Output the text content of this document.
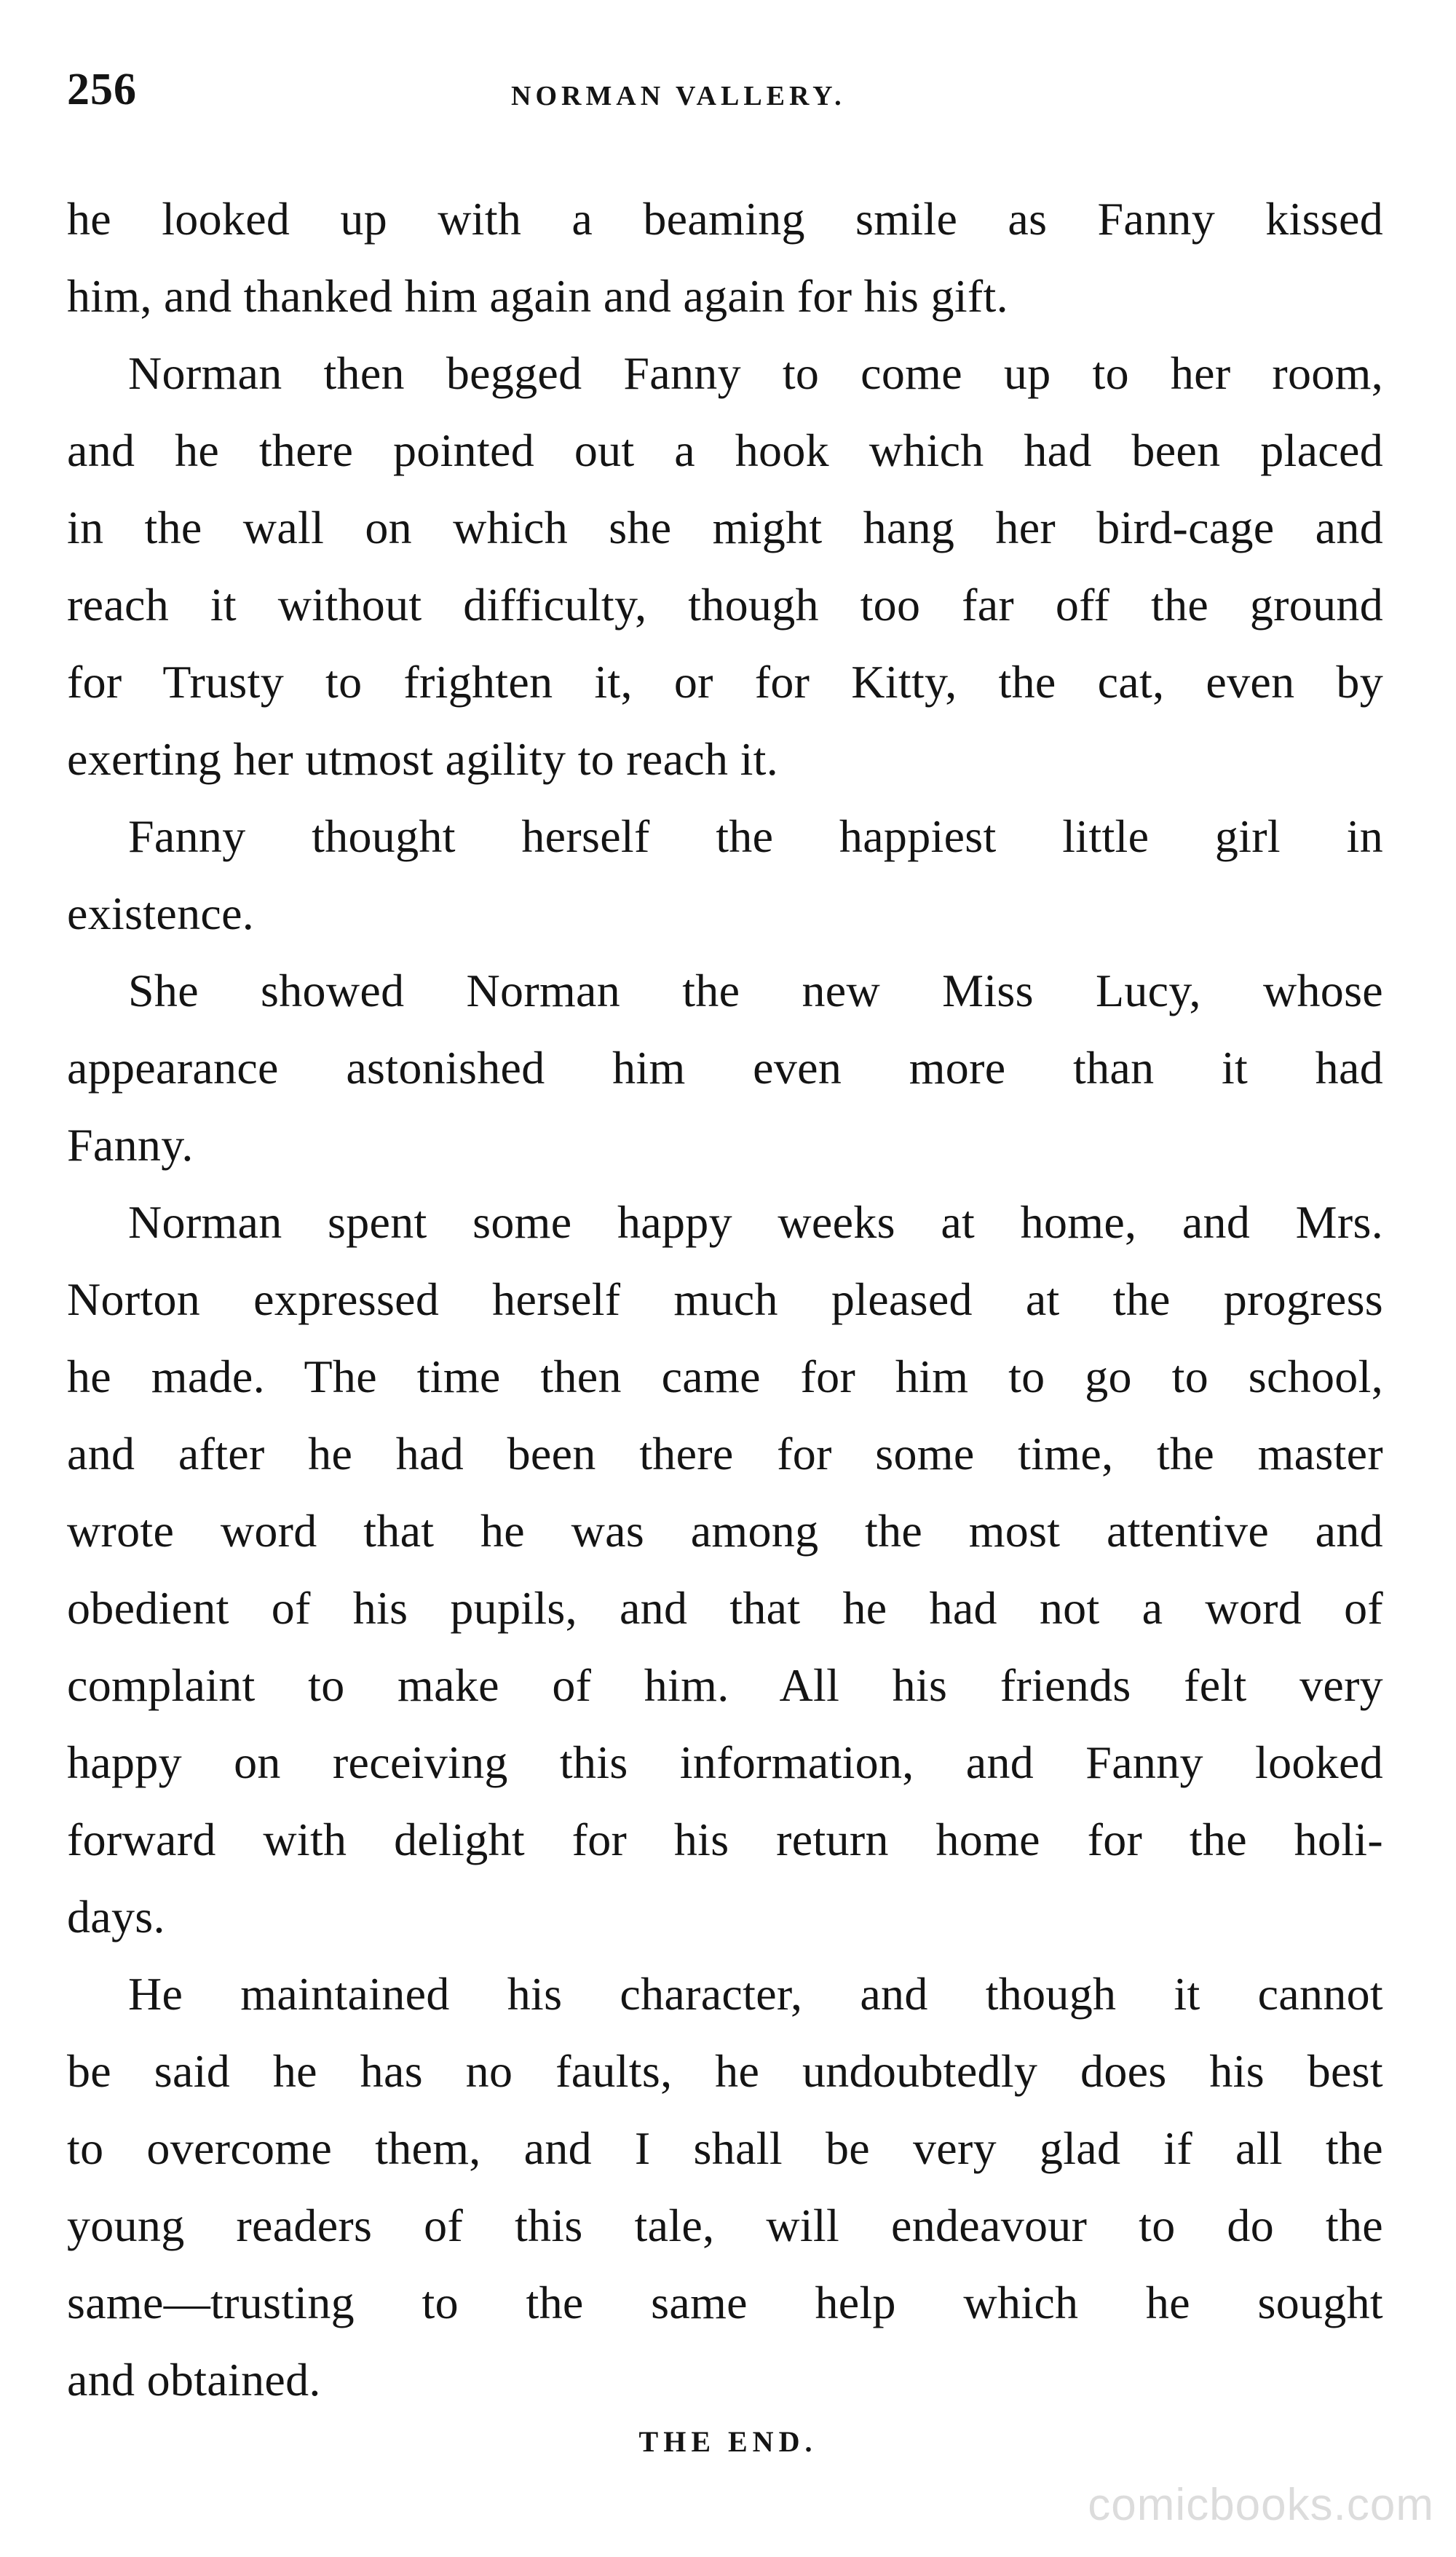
256	NORMAN VALLERY.
he looked up with a beaming smile as Fanny kissed
him, and thanked him again and again for his gift.
Norman then begged Fanny to come up to her room,
and he there pointed out a hook which had been placed
in the wall on which she might hang her bird-cage and
reach it without difficulty, though too far off the ground
for Trusty to frighten it, or for Kitty, the cat, even by
exerting her utmost agility to reach it.
Fanny thought herself the happiest little girl in
existence.
She showed Norman the new Miss Lucy, whose
appearance astonished him even more than it had
Fanny.
Norman spent some happy weeks at home, and Mrs.
Norton expressed herself much pleased at the progress
he made. The time then came for him to go to school,
and after he had been there for some time, the master
wrote word that he was among the most attentive and
obedient of his pupils, and that he had not a word of
complaint to make of him. All his friends felt very
happy on receiving this information, and Fanny looked
forward with delight for his return home for the holi-
days.
He maintained his character, and though it cannot
be said he has no faults, he undoubtedly does his best
to overcome them, and I shall be very glad if all the
young readers of this tale, will endeavour to do the
same—trusting to the same help which he sought
and obtained.
THE END.
comicbooks.com
